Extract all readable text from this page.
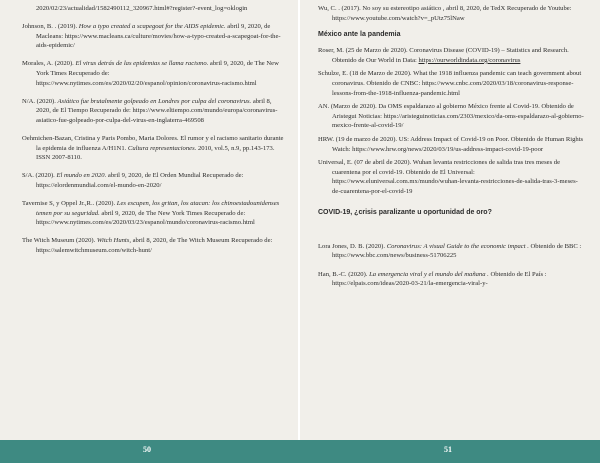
2020/02/23/actualidad/1582490112_320967.html#?register?-event_log=oklogin

Johnson, B. . (2019). How a typo created a scapegoat for the AIDS epidemic. abril 9, 2020, de Macleans: https://www.macleans.ca/culture/movies/how-a-typo-created-a-scapegoat-for-the-aids-epidemic/

Morales, A. (2020). El virus detrás de las epidemias se llama racismo. abril 9, 2020, de The New York Times Recuperado de: https://www.nytimes.com/es/2020/02/20/espanol/opinion/coronavirus-racismo.html

N/A. (2020). Asiático fue brutalmente golpeado en Londres por culpa del coronavirus. abril 8, 2020, de El Tiempo Recuperado de: https://www.eltiempo.com/mundo/europa/coronavirus-asiatico-fue-golpeado-por-culpa-del-virus-en-inglaterra-469508

Oehmichen-Bazan, Cristina y Paris Pombo, Maria Dolores. El rumor y el racismo sanitario durante la epidemia de influenza A/H1N1. Cultura representaciones. 2010, vol.5, n.9, pp.143-173. ISSN 2007-8110.

S/A. (2020). El mundo en 2020. abril 9, 2020, de El Orden Mundial Recuperado de: https://elordenmundial.com/el-mundo-en-2020/

Tavernise S, y Oppel Jr.,R.. (2020). Les escupen, los gritan, los atacan: los chinoestadounidenses temen por su seguridad. abril 9, 2020, de The New York Times Recuperado de: https://www.nytimes.com/es/2020/03/23/espanol/mundo/coronavirus-racismo.html

The Witch Museum (2020). Witch Hunts, abril 8, 2020, de The Witch Museum Recuperado de: https://salemwitchmuseum.com/witch-hunt/

Wu, C. . (2017). No soy su estereotipo asiático , abril 8, 2020, de TedX Recuperado de Youtube: https://www.youtube.com/watch?v=_pUtz75lNaw

México ante la pandemia

Roser, M. (25 de Marzo de 2020). Coronavirus Disease (COVID-19) – Statistics and Research. Obtenido de Our World in Data: https://ourworldindata.org/coronavirus

Schulze, E. (18 de Marzo de 2020). What the 1918 influenza pandemic can teach government about coronavirus. Obtenido de CNBC: https://www.cnbc.com/2020/03/18/coronavirus-response-lessons-from-the-1918-influenza-pandemic.html

AN. (Marzo de 2020). Da OMS espaldarazo al gobierno México frente al Covid-19. Obtenido de Aristegui Noticias: https://aristeguinoticias.com/2303/mexico/da-oms-espaldarazo-al-gobierno-mexico-frente-al-covid-19/

HRW. (19 de marzo de 2020). US: Address Impact of Covid-19 on Poor. Obtenido de Human Rights Watch: https://www.hrw.org/news/2020/03/19/us-address-impact-covid-19-poor

Universal, E. (07 de abril de 2020). Wuhan levanta restricciones de salida tras tres meses de cuarentena por el covid-19. Obtenido de El Universal: https://www.eluniversal.com.mx/mundo/wuhan-levanta-restricciones-de-salida-tras-3-meses-de-cuarentena-por-el-covid-19

COVID-19, ¿crisis paralizante u oportunidad de oro?

Lora Jones, D. B. (2020). Coronavirus: A visual Guide to the economic impact . Obtenido de BBC : https://www.bbc.com/news/business-51706225

Han, B.-C. (2020). La emergencia viral y el mundo del mañana . Obtenido de El País : https://elpais.com/ideas/2020-03-21/la-emergencia-viral-y-

50	51
